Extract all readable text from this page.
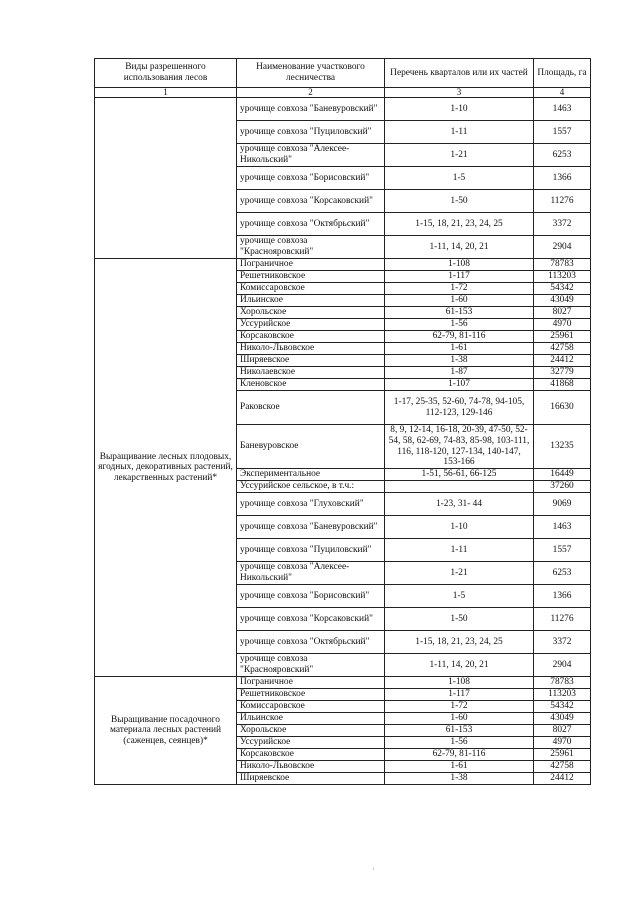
Виды разрешенного использования лесов	Наименование участкового лесничества	Перечень кварталов или их частей	Площадь, га
1	2	3	4
	урочище совхоза "Баневуровский"	1-10	1463
	урочище совхоза "Пуциловский"	1-11	1557
	урочище совхоза "Алексее-Никольский"	1-21	6253
	урочище совхоза "Борисовский"	1-5	1366
	урочище совхоза "Корсаковский"	1-50	11276
	урочище совхоза "Октябрьский"	1-15, 18, 21, 23, 24, 25	3372
	урочище совхоза "Краснояровский"	1-11, 14, 20, 21	2904
Выращивание лесных плодовых, ягодных, декоративных растений, лекарственных растений*	Пограничное	1-108	78783
	Решетниковское	1-117	113203
	Комиссаровское	1-72	54342
	Ильинское	1-60	43049
	Хорольское	61-153	8027
	Уссурийское	1-56	4970
	Корсаковское	62-79, 81-116	25961
	Николо-Львовское	1-61	42758
	Ширяевское	1-38	24412
	Николаевское	1-87	32779
	Кленовское	1-107	41868
	Раковское	1-17, 25-35, 52-60, 74-78, 94-105, 112-123, 129-146	16630
	Баневуровское	8, 9, 12-14, 16-18, 20-39, 47-50, 52-54, 58, 62-69, 74-83, 85-98, 103-111, 116, 118-120, 127-134, 140-147, 153-166	13235
	Экспериментальное	1-51, 56-61, 66-125	16449
	Уссурийское сельское, в т.ч.:		37260
	урочище совхоза "Глуховский"	1-23, 31- 44	9069
	урочище совхоза "Баневуровский"	1-10	1463
	урочище совхоза "Пуциловский"	1-11	1557
	урочище совхоза "Алексее-Никольский"	1-21	6253
	урочище совхоза "Борисовский"	1-5	1366
	урочище совхоза "Корсаковский"	1-50	11276
	урочище совхоза "Октябрьский"	1-15, 18, 21, 23, 24, 25	3372
	урочище совхоза "Краснояровский"	1-11, 14, 20, 21	2904
Выращивание посадочного материала лесных растений (саженцев, сеянцев)*	Пограничное	1-108	78783
	Решетниковское	1-117	113203
	Комиссаровское	1-72	54342
	Ильинское	1-60	43049
	Хорольское	61-153	8027
	Уссурийское	1-56	4970
	Корсаковское	62-79, 81-116	25961
	Николо-Львовское	1-61	42758
	Ширяевское	1-38	24412
·
